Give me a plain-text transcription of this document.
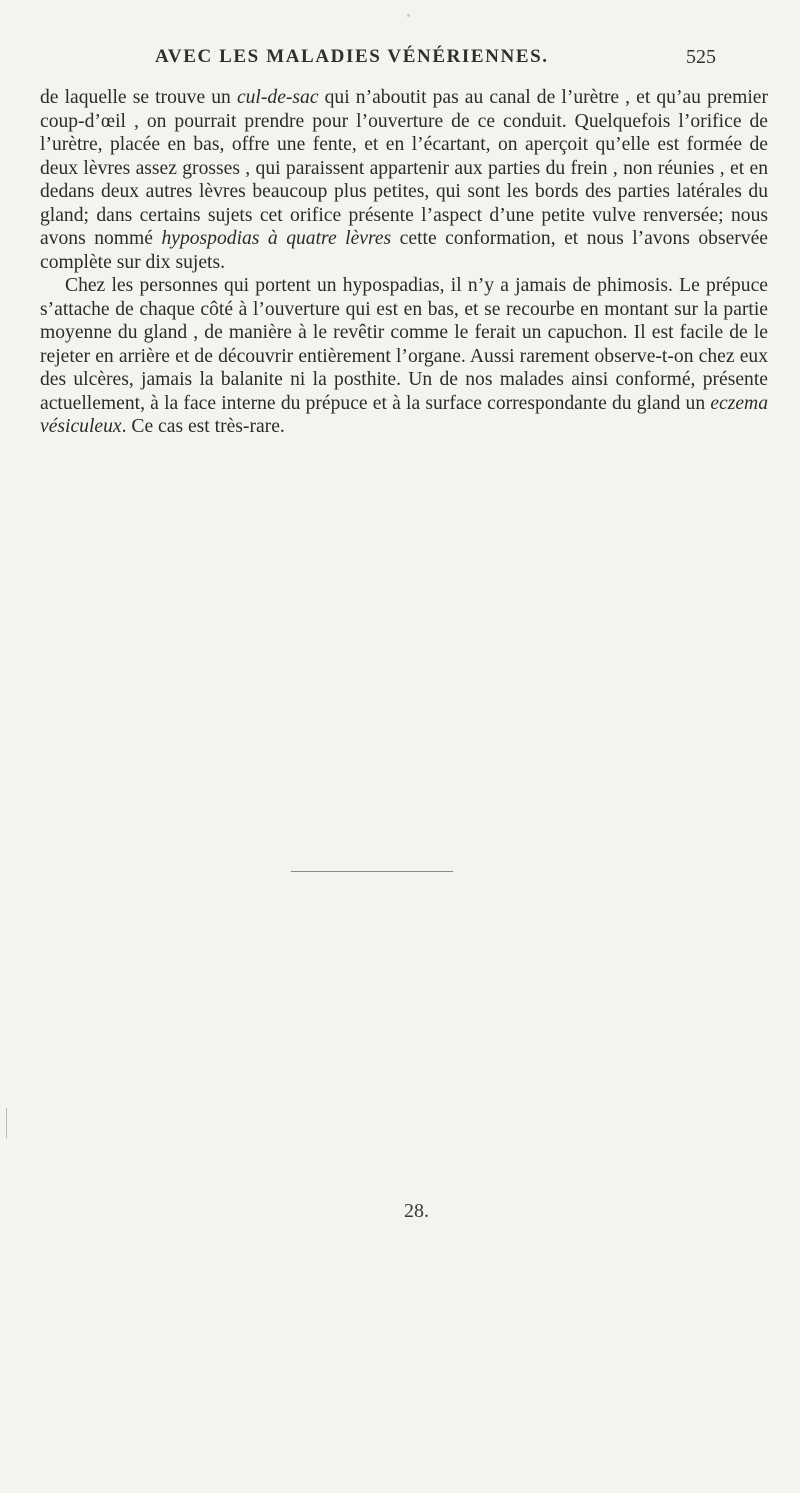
AVEC LES MALADIES VÉNÉRIENNES.	525

de laquelle se trouve un cul-de-sac qui n’aboutit pas au canal de l’urètre , et qu’au premier coup-d’œil , on pourrait prendre pour l’ouverture de ce conduit. Quelquefois l’orifice de l’urètre, placée en bas, offre une fente, et en l’écartant, on aperçoit qu’elle est formée de deux lèvres assez grosses , qui paraissent appartenir aux parties du frein , non réunies , et en dedans deux autres lèvres beaucoup plus petites, qui sont les bords des parties latérales du gland; dans certains sujets cet orifice présente l’aspect d’une petite vulve renversée; nous avons nommé hypospodias à quatre lèvres cette conformation, et nous l’avons observée complète sur dix sujets.

Chez les personnes qui portent un hypospadias, il n’y a jamais de phimosis. Le prépuce s’attache de chaque côté à l’ouverture qui est en bas, et se recourbe en montant sur la partie moyenne du gland , de manière à le revêtir comme le ferait un capuchon. Il est facile de le rejeter en arrière et de découvrir entièrement l’organe. Aussi rarement observe-t-on chez eux des ulcères, jamais la balanite ni la posthite. Un de nos malades ainsi conformé, présente actuellement, à la face interne du prépuce et à la surface correspondante du gland un eczema vésiculeux. Ce cas est très-rare.

28.
